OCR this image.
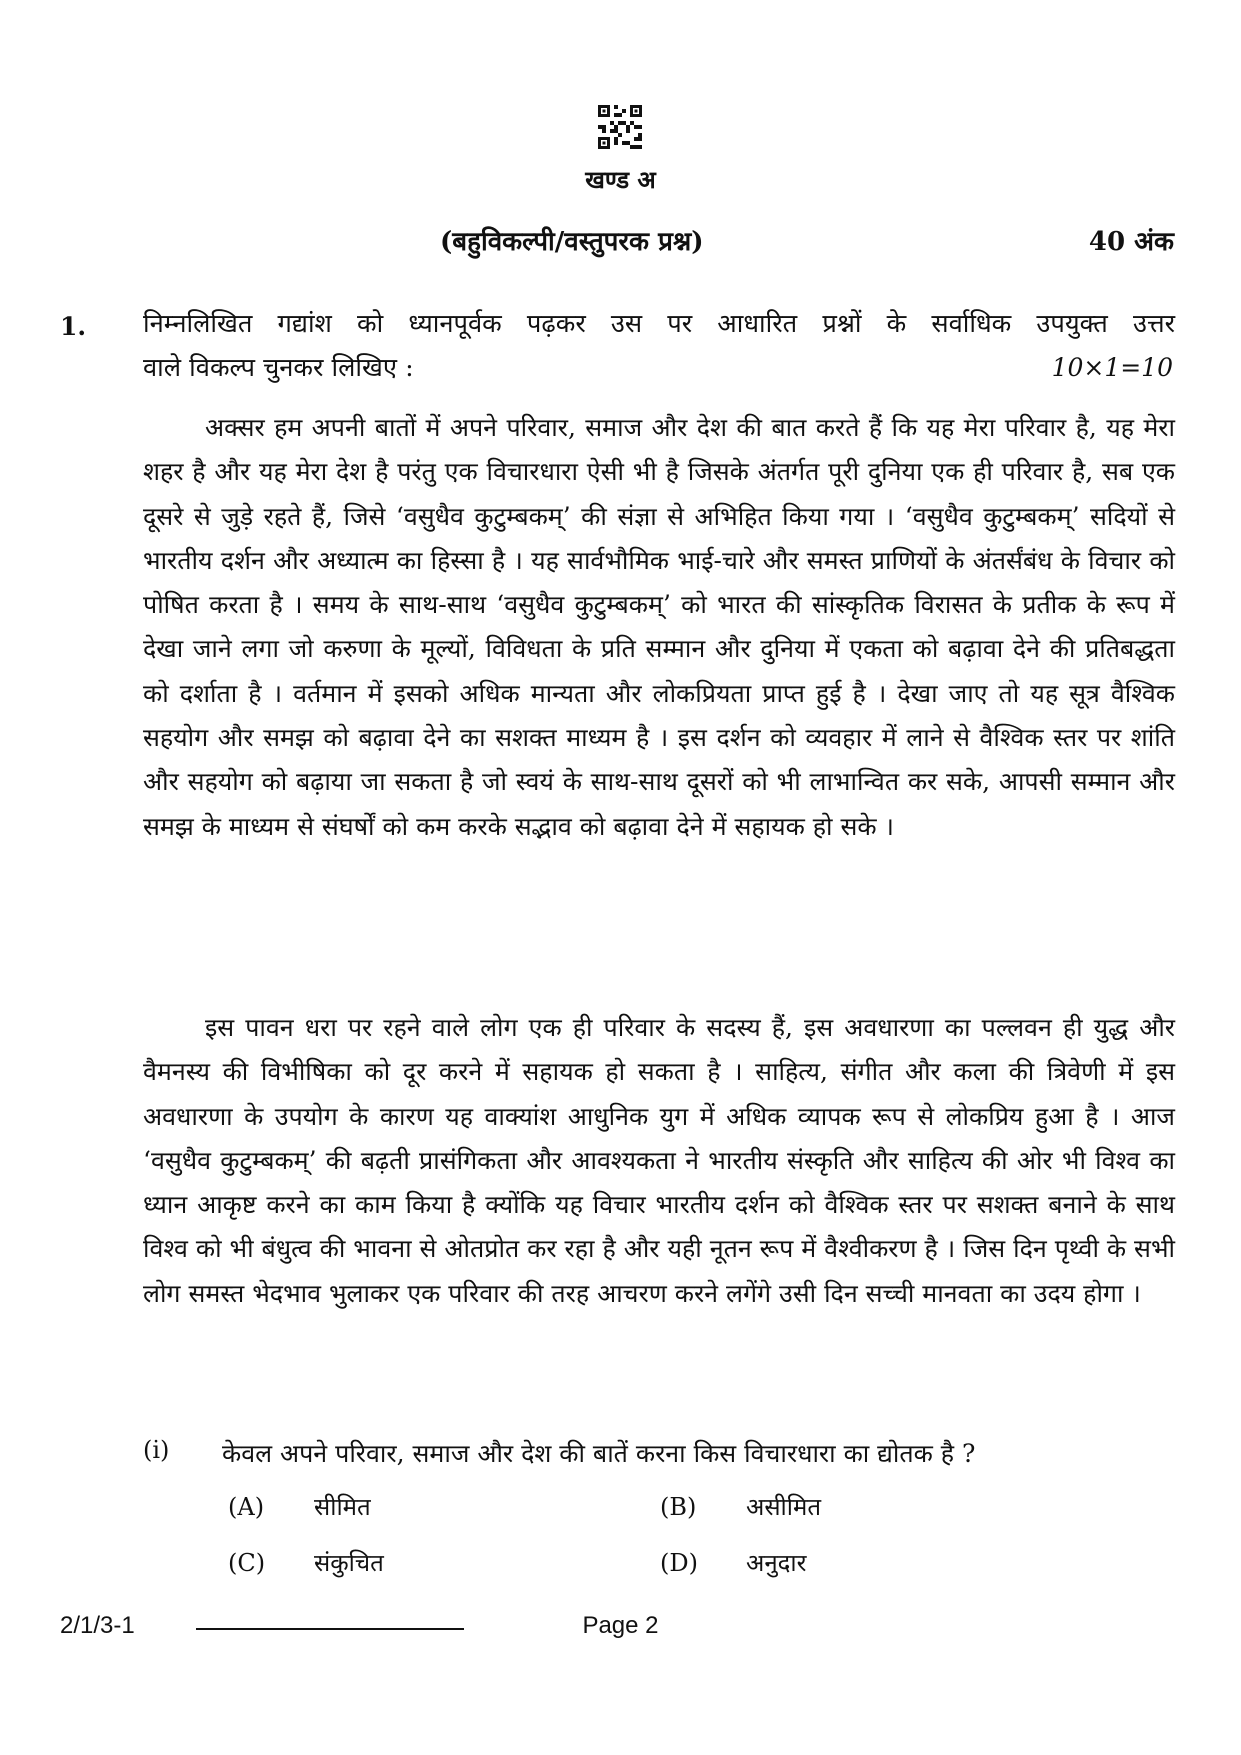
खण्ड अ
(बहुविकल्पी/वस्तुपरक प्रश्न)	40 अंक
1. निम्नलिखित गद्यांश को ध्यानपूर्वक पढ़कर उस पर आधारित प्रश्नों के सर्वाधिक उपयुक्त उत्तर
वाले विकल्प चुनकर लिखिए :	10×1=10

अक्सर हम अपनी बातों में अपने परिवार, समाज और देश की बात करते हैं कि यह मेरा परिवार है, यह मेरा शहर है और यह मेरा देश है परंतु एक विचारधारा ऐसी भी है जिसके अंतर्गत पूरी दुनिया एक ही परिवार है, सब एक दूसरे से जुड़े रहते हैं, जिसे ‘वसुधैव कुटुम्बकम्’ की संज्ञा से अभिहित किया गया । ‘वसुधैव कुटुम्बकम्’ सदियों से भारतीय दर्शन और अध्यात्म का हिस्सा है । यह सार्वभौमिक भाई-चारे और समस्त प्राणियों के अंतर्संबंध के विचार को पोषित करता है । समय के साथ-साथ ‘वसुधैव कुटुम्बकम्’ को भारत की सांस्कृतिक विरासत के प्रतीक के रूप में देखा जाने लगा जो करुणा के मूल्यों, विविधता के प्रति सम्मान और दुनिया में एकता को बढ़ावा देने की प्रतिबद्धता को दर्शाता है । वर्तमान में इसको अधिक मान्यता और लोकप्रियता प्राप्त हुई है । देखा जाए तो यह सूत्र वैश्विक सहयोग और समझ को बढ़ावा देने का सशक्त माध्यम है । इस दर्शन को व्यवहार में लाने से वैश्विक स्तर पर शांति और सहयोग को बढ़ाया जा सकता है जो स्वयं के साथ-साथ दूसरों को भी लाभान्वित कर सके, आपसी सम्मान और समझ के माध्यम से संघर्षों को कम करके सद्भाव को बढ़ावा देने में सहायक हो सके ।

इस पावन धरा पर रहने वाले लोग एक ही परिवार के सदस्य हैं, इस अवधारणा का पल्लवन ही युद्ध और वैमनस्य की विभीषिका को दूर करने में सहायक हो सकता है । साहित्य, संगीत और कला की त्रिवेणी में इस अवधारणा के उपयोग के कारण यह वाक्यांश आधुनिक युग में अधिक व्यापक रूप से लोकप्रिय हुआ है । आज ‘वसुधैव कुटुम्बकम्’ की बढ़ती प्रासंगिकता और आवश्यकता ने भारतीय संस्कृति और साहित्य की ओर भी विश्व का ध्यान आकृष्ट करने का काम किया है क्योंकि यह विचार भारतीय दर्शन को वैश्विक स्तर पर सशक्त बनाने के साथ विश्व को भी बंधुत्व की भावना से ओतप्रोत कर रहा है और यही नूतन रूप में वैश्वीकरण है । जिस दिन पृथ्वी के सभी लोग समस्त भेदभाव भुलाकर एक परिवार की तरह आचरण करने लगेंगे उसी दिन सच्ची मानवता का उदय होगा ।

(i) केवल अपने परिवार, समाज और देश की बातें करना किस विचारधारा का द्योतक है ?
(A) सीमित	(B) असीमित
(C) संकुचित	(D) अनुदार
2/1/3-1	Page 2
